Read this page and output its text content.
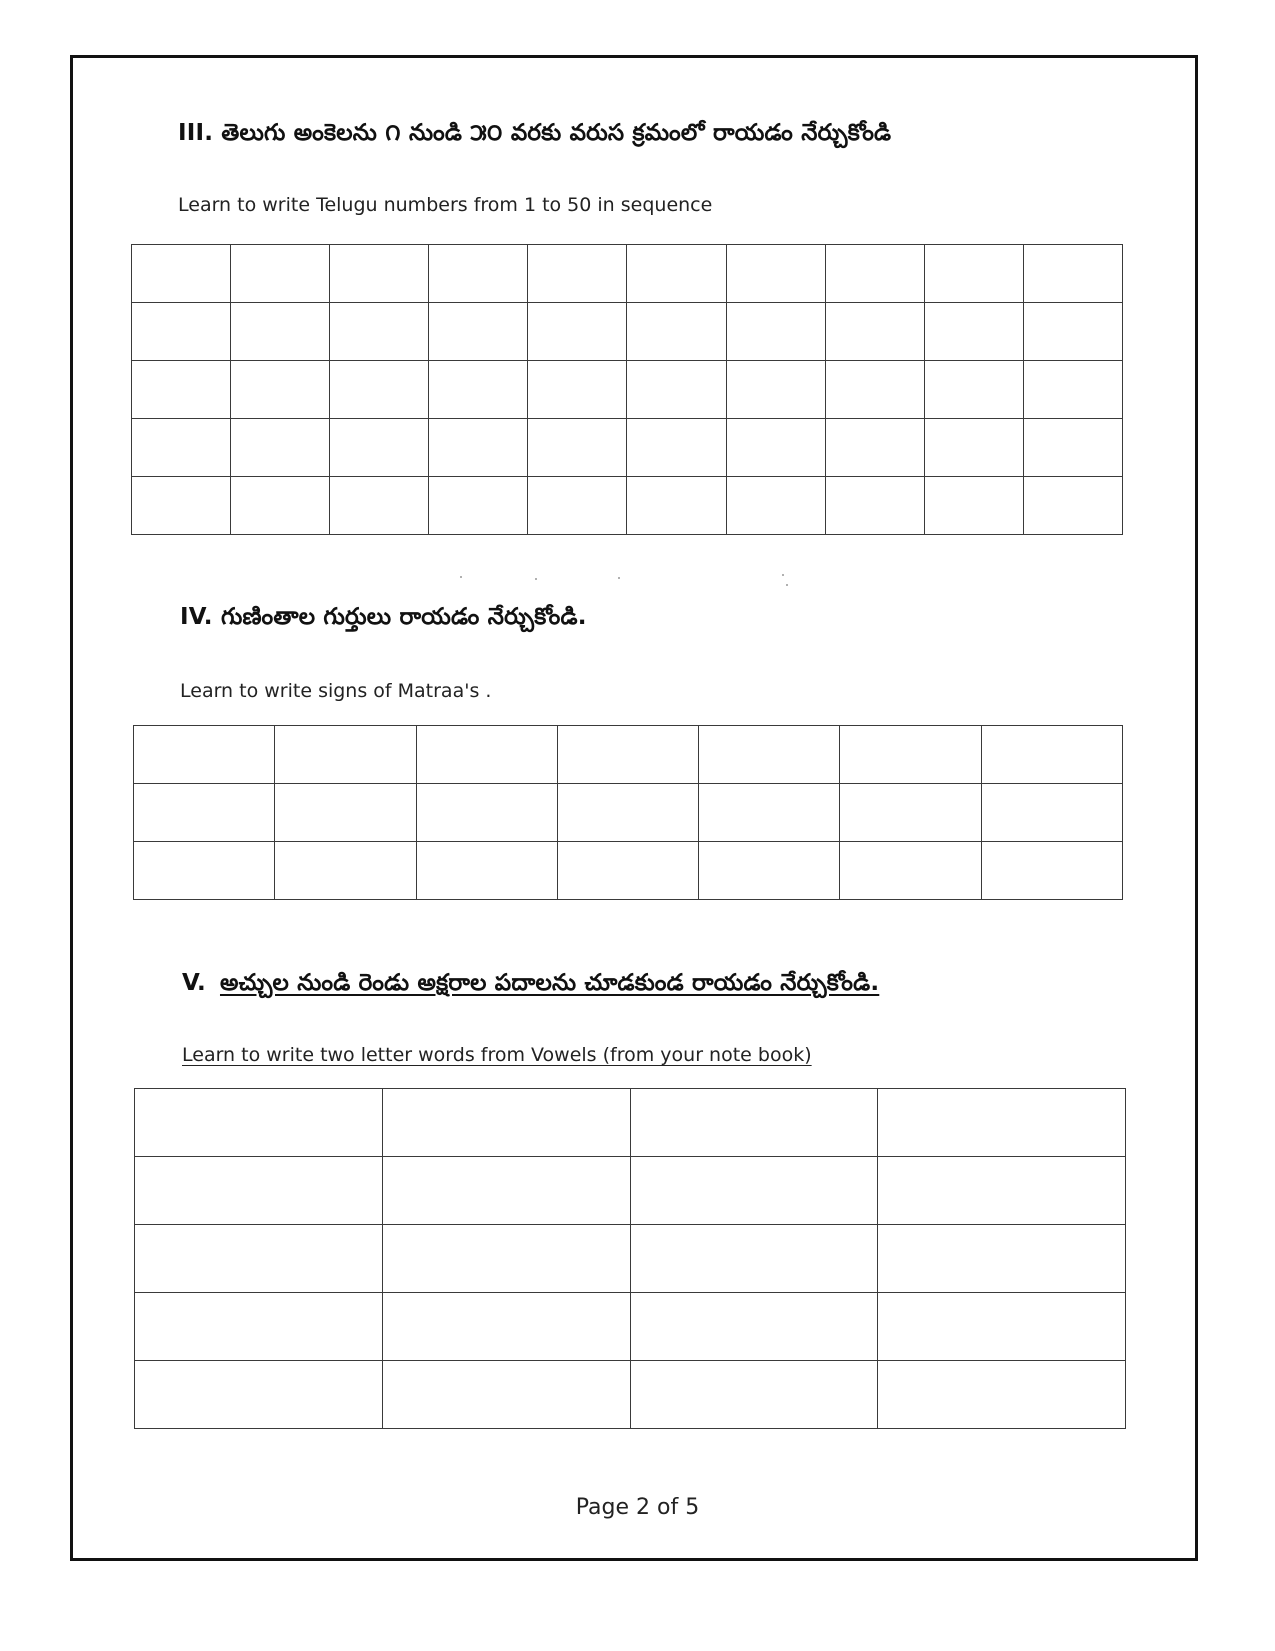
III. తెలుగు అంకెలను ౧ నుండి ౫౦ వరకు వరుస క్రమంలో రాయడం నేర్చుకోండి
Learn to write Telugu numbers from 1 to 50 in sequence

IV. గుణింతాల గుర్తులు రాయడం నేర్చుకోండి.
Learn to write signs of Matraa's .

V. అచ్చుల నుండి రెండు అక్షరాల పదాలను చూడకుండ రాయడం నేర్చుకోండి.
Learn to write two letter words from Vowels (from your note book)

Page 2 of 5
